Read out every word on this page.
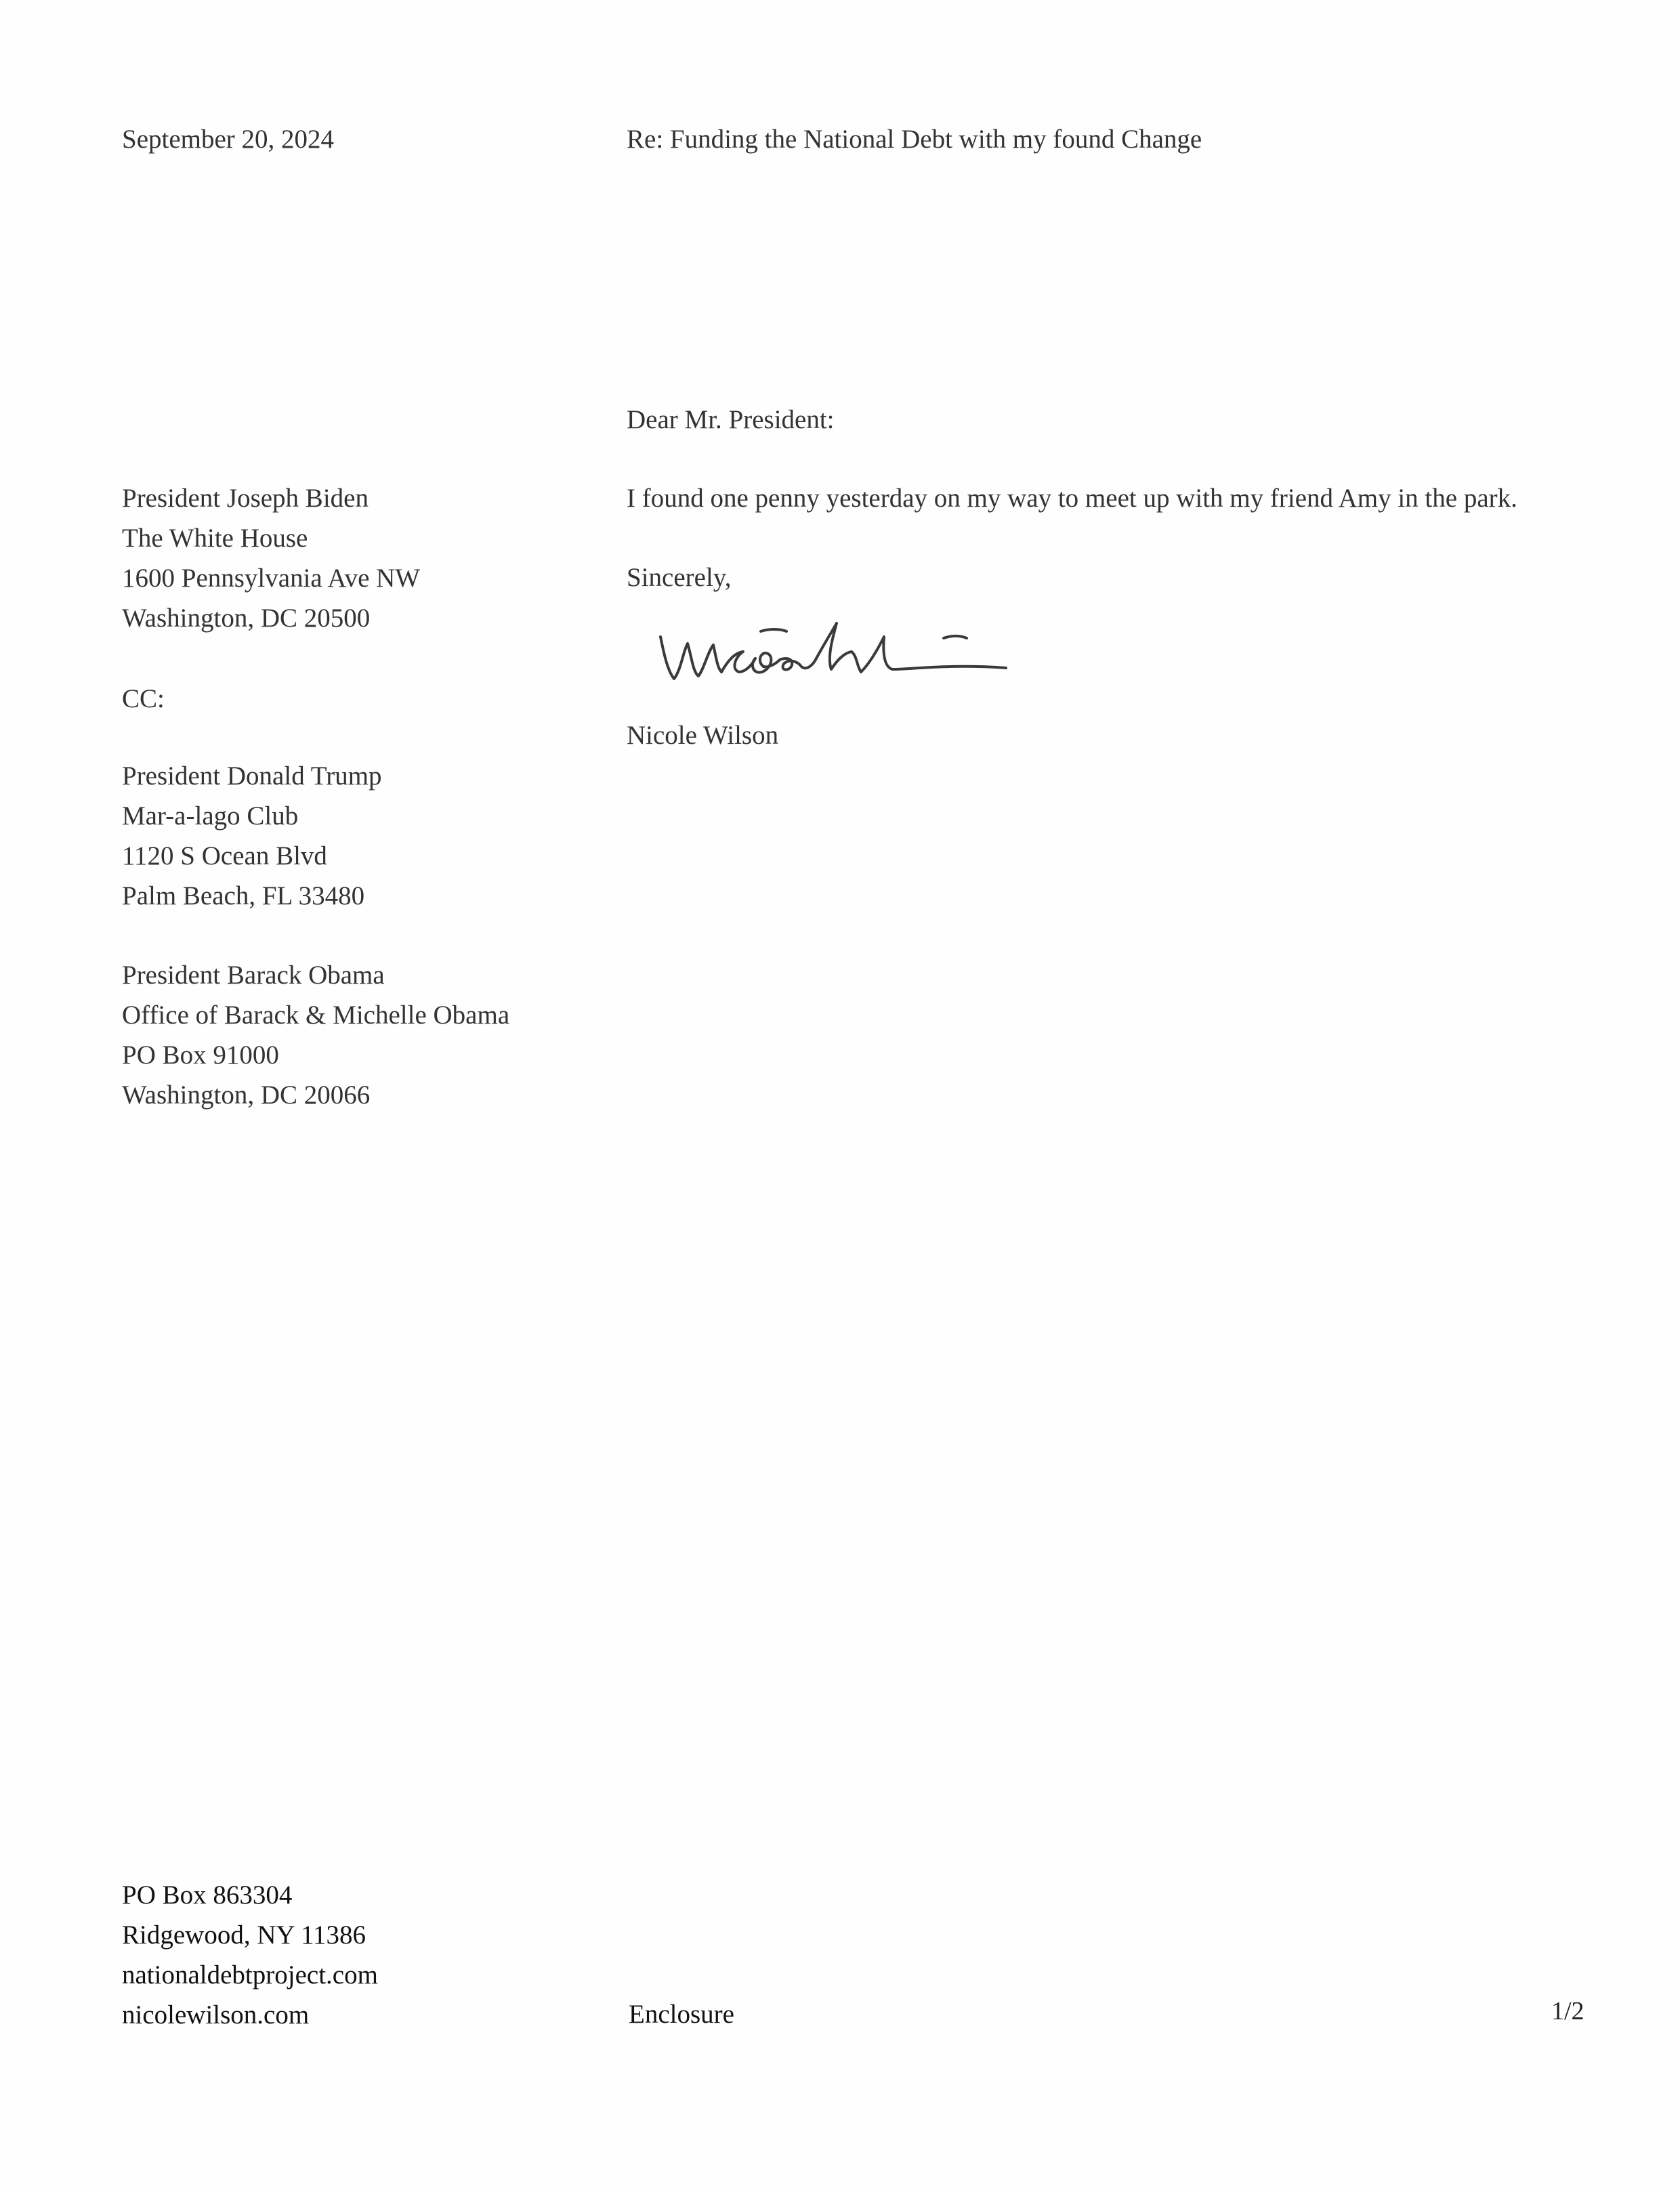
September 20, 2024	Re: Funding the National Debt with my found Change
Dear Mr. President:
I found one penny yesterday on my way to meet up with my friend Amy in the park.
Sincerely,
Nicole Wilson
President Joseph Biden
The White House
1600 Pennsylvania Ave NW
Washington, DC 20500
CC:
President Donald Trump
Mar-a-lago Club
1120 S Ocean Blvd
Palm Beach, FL 33480
President Barack Obama
Office of Barack & Michelle Obama
PO Box 91000
Washington, DC 20066
PO Box 863304
Ridgewood, NY 11386
nationaldebtproject.com
nicolewilson.com	Enclosure	1/2
